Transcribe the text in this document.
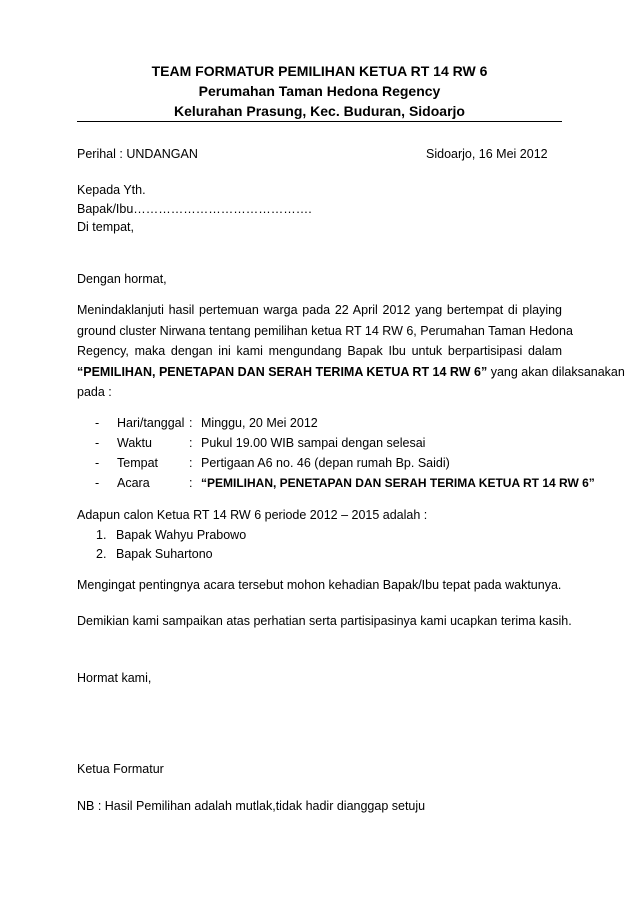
TEAM FORMATUR PEMILIHAN KETUA RT 14 RW 6
Perumahan Taman Hedona Regency
Kelurahan Prasung, Kec. Buduran, Sidoarjo
Perihal : UNDANGAN	Sidoarjo, 16 Mei 2012
Kepada Yth.
Bapak/Ibu…………………………………….
Di tempat,
Dengan hormat,
Menindaklanjuti hasil pertemuan warga pada 22 April 2012 yang bertempat di playing
ground cluster Nirwana tentang pemilihan ketua RT 14 RW 6, Perumahan Taman Hedona
Regency, maka dengan ini kami mengundang Bapak Ibu untuk berpartisipasi dalam
“PEMILIHAN, PENETAPAN DAN SERAH TERIMA KETUA RT 14 RW 6” yang akan dilaksanakan
pada :
- Hari/tanggal : Minggu, 20 Mei 2012
- Waktu	: Pukul 19.00 WIB sampai dengan selesai
- Tempat : Pertigaan A6 no. 46 (depan rumah Bp. Saidi)
- Acara	: “PEMILIHAN, PENETAPAN DAN SERAH TERIMA KETUA RT 14 RW 6”
Adapun calon Ketua RT 14 RW 6 periode 2012 – 2015 adalah :
1. Bapak Wahyu Prabowo
2. Bapak Suhartono
Mengingat pentingnya acara tersebut mohon kehadian Bapak/Ibu tepat pada waktunya.
Demikian kami sampaikan atas perhatian serta partisipasinya kami ucapkan terima kasih.
Hormat kami,
Ketua Formatur
NB : Hasil Pemilihan adalah mutlak,tidak hadir dianggap setuju
